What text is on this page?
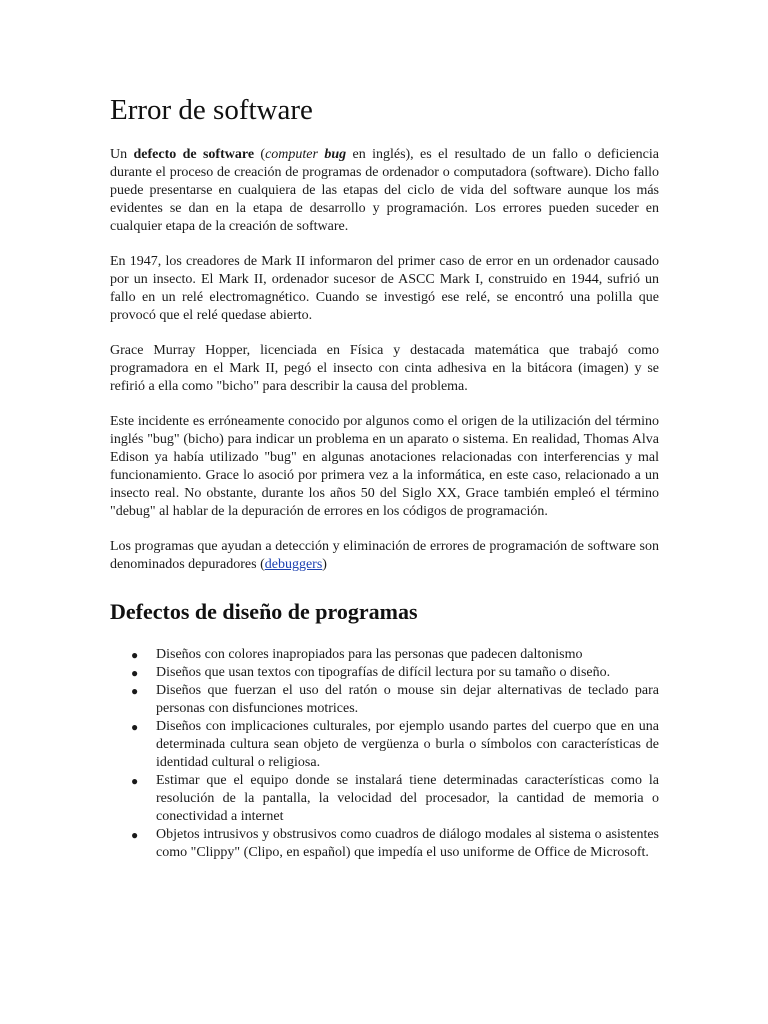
Error de software

Un defecto de software (computer bug en inglés), es el resultado de un fallo o deficiencia durante el proceso de creación de programas de ordenador o computadora (software). Dicho fallo puede presentarse en cualquiera de las etapas del ciclo de vida del software aunque los más evidentes se dan en la etapa de desarrollo y programación. Los errores pueden suceder en cualquier etapa de la creación de software.

En 1947, los creadores de Mark II informaron del primer caso de error en un ordenador causado por un insecto. El Mark II, ordenador sucesor de ASCC Mark I, construido en 1944, sufrió un fallo en un relé electromagnético. Cuando se investigó ese relé, se encontró una polilla que provocó que el relé quedase abierto.

Grace Murray Hopper, licenciada en Física y destacada matemática que trabajó como programadora en el Mark II, pegó el insecto con cinta adhesiva en la bitácora (imagen) y se refirió a ella como "bicho" para describir la causa del problema.

Este incidente es erróneamente conocido por algunos como el origen de la utilización del término inglés "bug" (bicho) para indicar un problema en un aparato o sistema. En realidad, Thomas Alva Edison ya había utilizado "bug" en algunas anotaciones relacionadas con interferencias y mal funcionamiento. Grace lo asoció por primera vez a la informática, en este caso, relacionado a un insecto real. No obstante, durante los años 50 del Siglo XX, Grace también empleó el término "debug" al hablar de la depuración de errores en los códigos de programación.

Los programas que ayudan a detección y eliminación de errores de programación de software son denominados depuradores (debuggers)

Defectos de diseño de programas
● Diseños con colores inapropiados para las personas que padecen daltonismo
● Diseños que usan textos con tipografías de difícil lectura por su tamaño o diseño.
● Diseños que fuerzan el uso del ratón o mouse sin dejar alternativas de teclado para personas con disfunciones motrices.
● Diseños con implicaciones culturales, por ejemplo usando partes del cuerpo que en una determinada cultura sean objeto de vergüenza o burla o símbolos con características de identidad cultural o religiosa.
● Estimar que el equipo donde se instalará tiene determinadas características como la resolución de la pantalla, la velocidad del procesador, la cantidad de memoria o conectividad a internet
● Objetos intrusivos y obstrusivos como cuadros de diálogo modales al sistema o asistentes como "Clippy" (Clipo, en español) que impedía el uso uniforme de Office de Microsoft.
